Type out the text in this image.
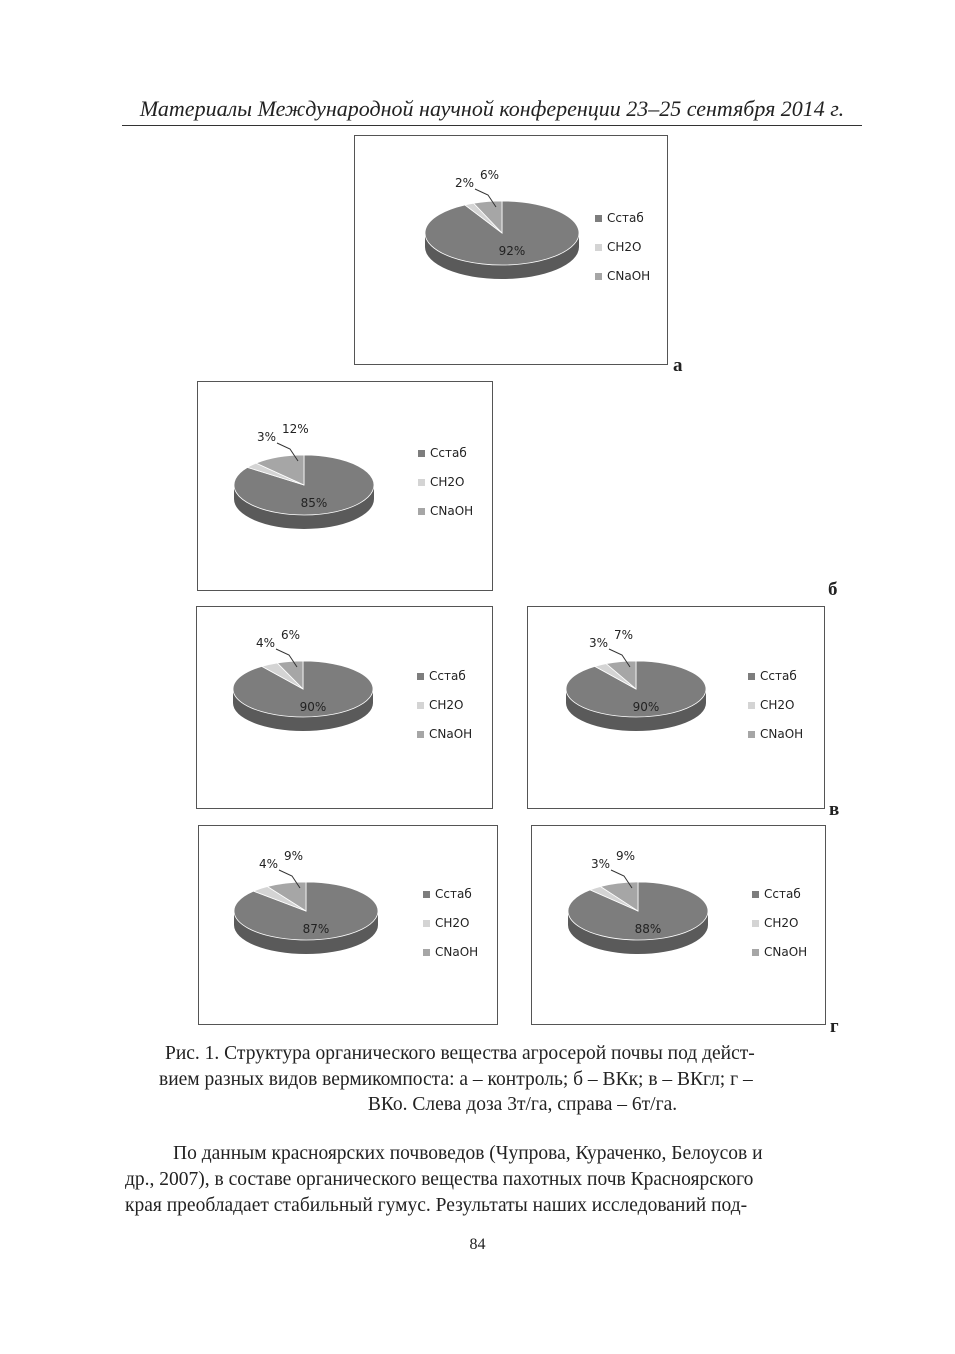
Материалы Международной научной конференции 23–25 сентября 2014 г.
92%
2%
6%
Сстаб
CH2O
CNaOH
а
85%
3%
12%
Сстаб
CH2O
CNaOH
б
90%
4%
6%
Сстаб
CH2O
CNaOH
90%
3%
7%
Сстаб
CH2O
CNaOH
в
87%
4%
9%
Сстаб
CH2O
CNaOH
88%
3%
9%
Сстаб
CH2O
CNaOH
г
Рис. 1. Структура органического вещества агросерой почвы под дейст-
вием разных видов вермикомпоста: а – контроль; б – ВКк; в – ВКгл; г –
ВКо. Слева доза 3т/га, справа – 6т/га.
По данным красноярских почвоведов (Чупрова, Кураченко, Белоусов и
др., 2007), в составе органического вещества пахотных почв Красноярского
края преобладает стабильный гумус. Результаты наших исследований под-
84
